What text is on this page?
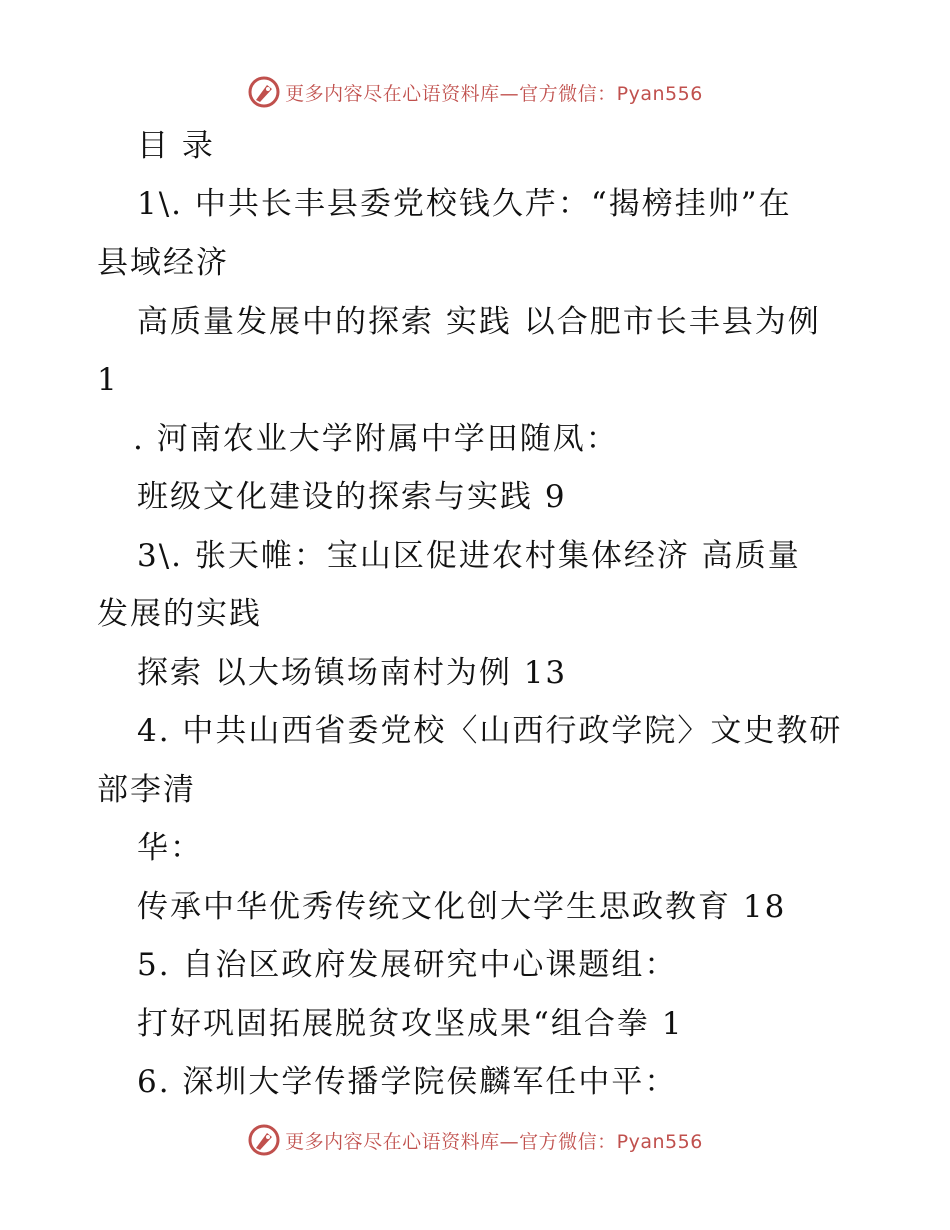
更多内容尽在心语资料库—官方微信：Pyan556
目 录
1\. 中共长丰县委党校钱久芹：“揭榜挂帅”在
县域经济
高质量发展中的探索 实践 以合肥市长丰县为例
1
. 河南农业大学附属中学田随凤：
班级文化建设的探索与实践 9
3\. 张天帷：宝山区促进农村集体经济 高质量
发展的实践
探索 以大场镇场南村为例 13
4. 中共山西省委党校〈山西行政学院〉文史教研
部李清
华：
传承中华优秀传统文化创大学生思政教育 18
5. 自治区政府发展研究中心课题组：
打好巩固拓展脱贫攻坚成果“组合拳 1
6. 深圳大学传播学院侯麟军任中平：
更多内容尽在心语资料库—官方微信：Pyan556
